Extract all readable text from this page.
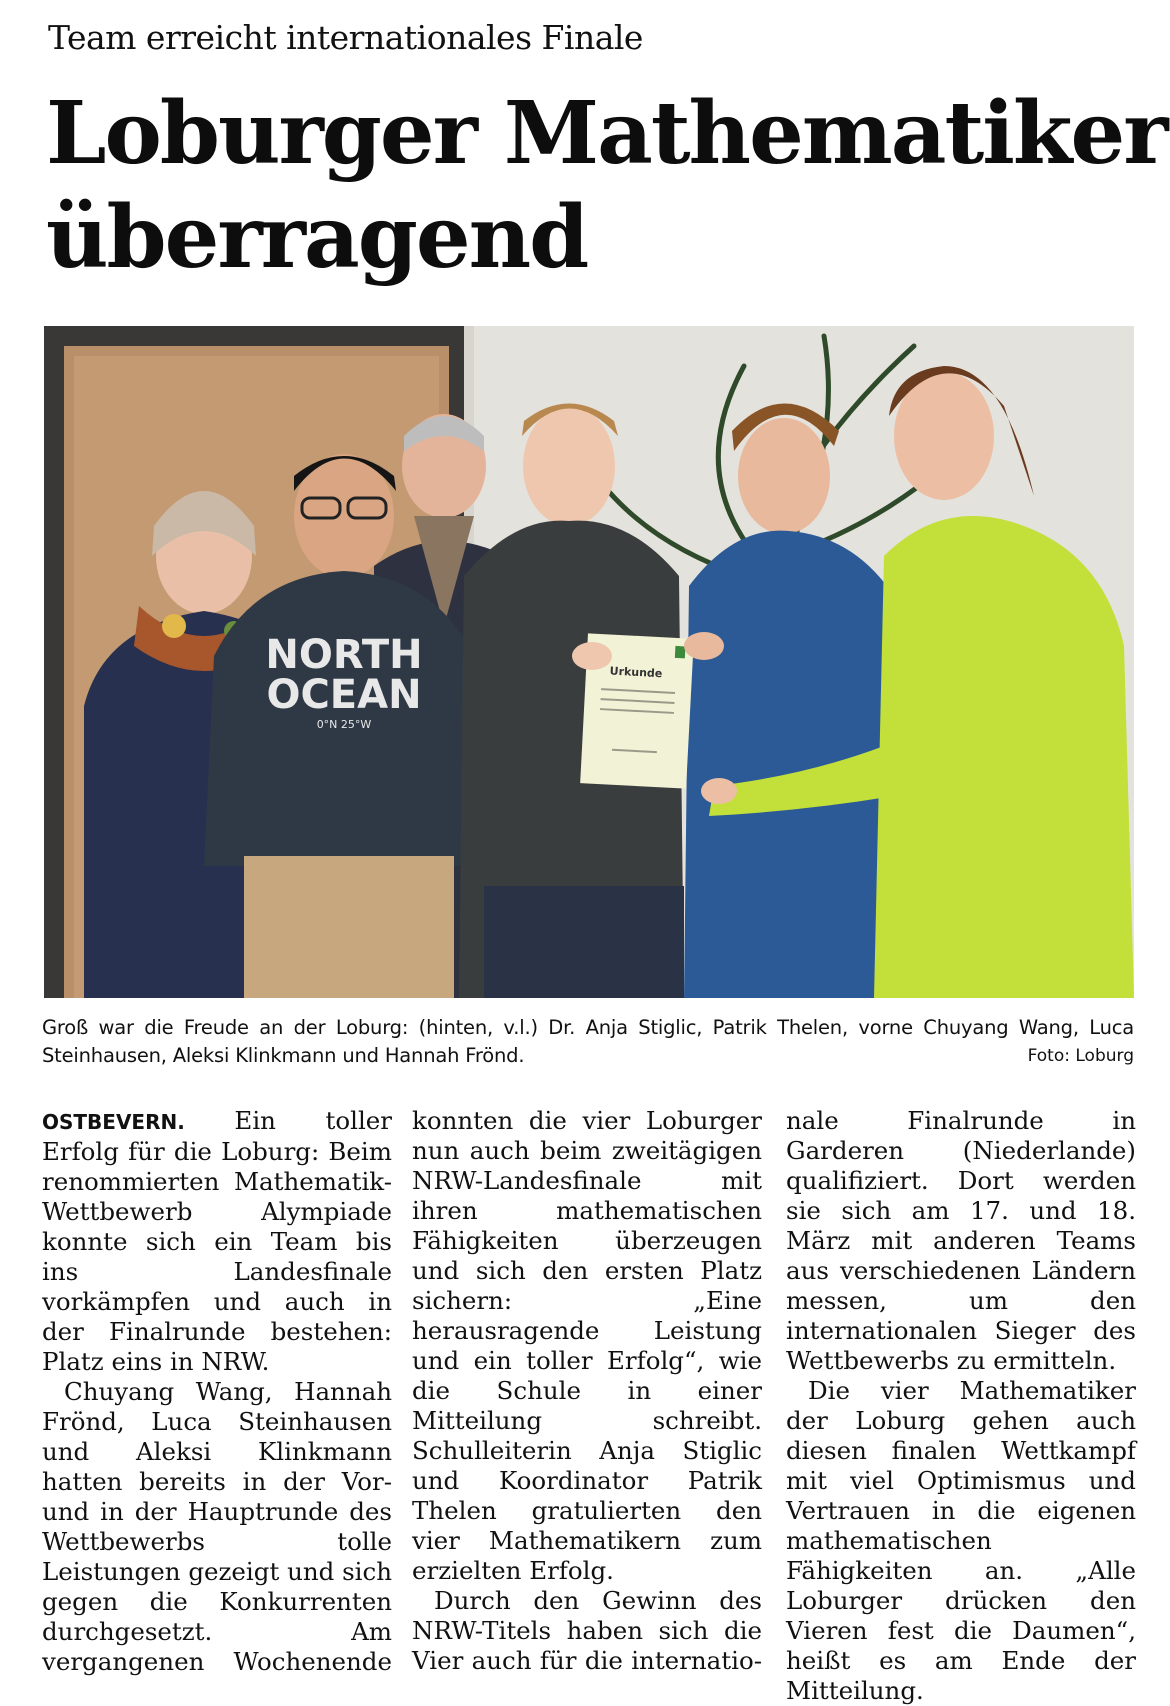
Team erreicht internationales Finale
Loburger Mathematiker
überragend
NORTH
OCEAN
0°N 25°W
Urkunde
Groß war die Freude an der Loburg: (hinten, v.l.) Dr. Anja Stiglic, Patrik Thelen, vorne Chuyang Wang, Luca Steinhausen, Aleksi Klinkmann und Hannah Frönd.	Foto: Loburg

OSTBEVERN. Ein toller Erfolg für die Loburg: Beim renommierten Mathematik-Wettbewerb Alympiade konnte sich ein Team bis ins Landesfinale vorkämpfen und auch in der Finalrunde bestehen: Platz eins in NRW.

Chuyang Wang, Hannah Frönd, Luca Steinhausen und Aleksi Klinkmann hatten bereits in der Vor- und in der Hauptrunde des Wettbewerbs tolle Leistungen gezeigt und sich gegen die Konkurrenten durchgesetzt. Am vergangenen Wochenende

konnten die vier Loburger nun auch beim zweitägigen NRW-Landesfinale mit ihren mathematischen Fähigkeiten überzeugen und sich den ersten Platz sichern: „Eine herausragende Leistung und ein toller Erfolg“, wie die Schule in einer Mitteilung schreibt. Schulleiterin Anja Stiglic und Koordinator Patrik Thelen gratulierten den vier Mathematikern zum erzielten Erfolg.

Durch den Gewinn des NRW-Titels haben sich die Vier auch für die internatio-

nale Finalrunde in Garderen (Niederlande) qualifiziert. Dort werden sie sich am 17. und 18. März mit anderen Teams aus verschiedenen Ländern messen, um den internationalen Sieger des Wettbewerbs zu ermitteln.

Die vier Mathematiker der Loburg gehen auch diesen finalen Wettkampf mit viel Optimismus und Vertrauen in die eigenen mathematischen Fähigkeiten an. „Alle Loburger drücken den Vieren fest die Daumen“, heißt es am Ende der Mitteilung.
